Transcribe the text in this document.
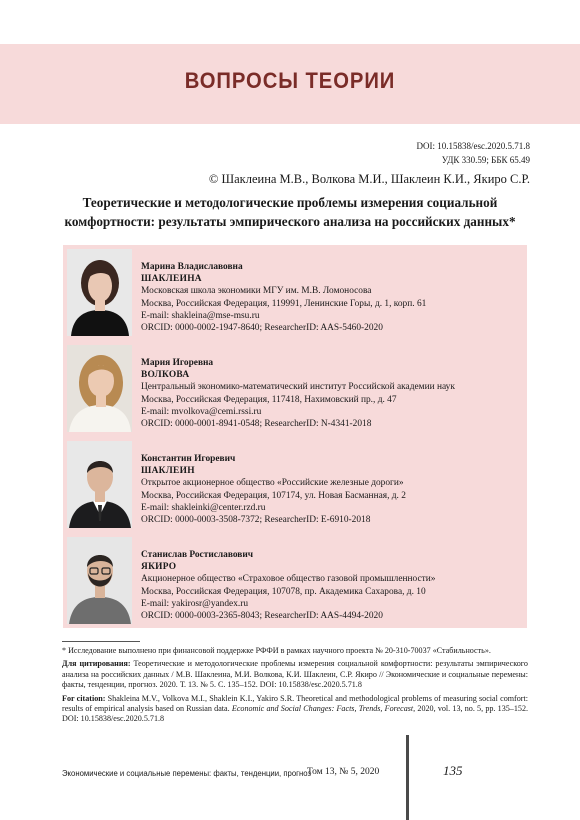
ВОПРОСЫ ТЕОРИИ
DOI: 10.15838/esc.2020.5.71.8
УДК 330.59; ББК 65.49
© Шаклеина М.В., Волкова М.И., Шаклеин К.И., Якиро С.Р.
Теоретические и методологические проблемы измерения социальной
комфортности: результаты эмпирического анализа на российских данных*
Марина Владиславовна
ШАКЛЕИНА
Московская школа экономики МГУ им. М.В. Ломоносова
Москва, Российская Федерация, 119991, Ленинские Горы, д. 1, корп. 61
E-mail: shakleina@mse-msu.ru
ORCID: 0000-0002-1947-8640; ResearcherID: AAS-5460-2020
Мария Игоревна
ВОЛКОВА
Центральный экономико-математический институт Российской академии наук
Москва, Российская Федерация, 117418, Нахимовский пр., д. 47
E-mail: mvolkova@cemi.rssi.ru
ORCID: 0000-0001-8941-0548; ResearcherID: N-4341-2018
Константин Игоревич
ШАКЛЕИН
Открытое акционерное общество «Российские железные дороги»
Москва, Российская Федерация, 107174, ул. Новая Басманная, д. 2
E-mail: shakleinki@center.rzd.ru
ORCID: 0000-0003-3508-7372; ResearcherID: E-6910-2018
Станислав Ростиславович
ЯКИРО
Акционерное общество «Страховое общество газовой промышленности»
Москва, Российская Федерация, 107078, пр. Академика Сахарова, д. 10
E-mail: yakirosr@yandex.ru
ORCID: 0000-0003-2365-8043; ResearcherID: AAS-4494-2020

* Исследование выполнено при финансовой поддержке РФФИ в рамках научного проекта № 20-310-70037 «Стабильность».

Для цитирования: Теоретические и методологические проблемы измерения социальной комфортности: результаты эмпирического анализа на российских данных / М.В. Шаклеина, М.И. Волкова, К.И. Шаклеин, С.Р. Якиро // Экономические и социальные перемены: факты, тенденции, прогноз. 2020. Т. 13. № 5. С. 135–152. DOI: 10.15838/esc.2020.5.71.8

For citation: Shakleina M.V., Volkova M.I., Shaklein K.I., Yakiro S.R. Theoretical and methodological problems of measuring social comfort: results of empirical analysis based on Russian data. Economic and Social Changes: Facts, Trends, Forecast, 2020, vol. 13, no. 5, pp. 135–152. DOI: 10.15838/esc.2020.5.71.8

Экономические и социальные перемены: факты, тенденции, прогноз
Том 13, № 5, 2020	135
